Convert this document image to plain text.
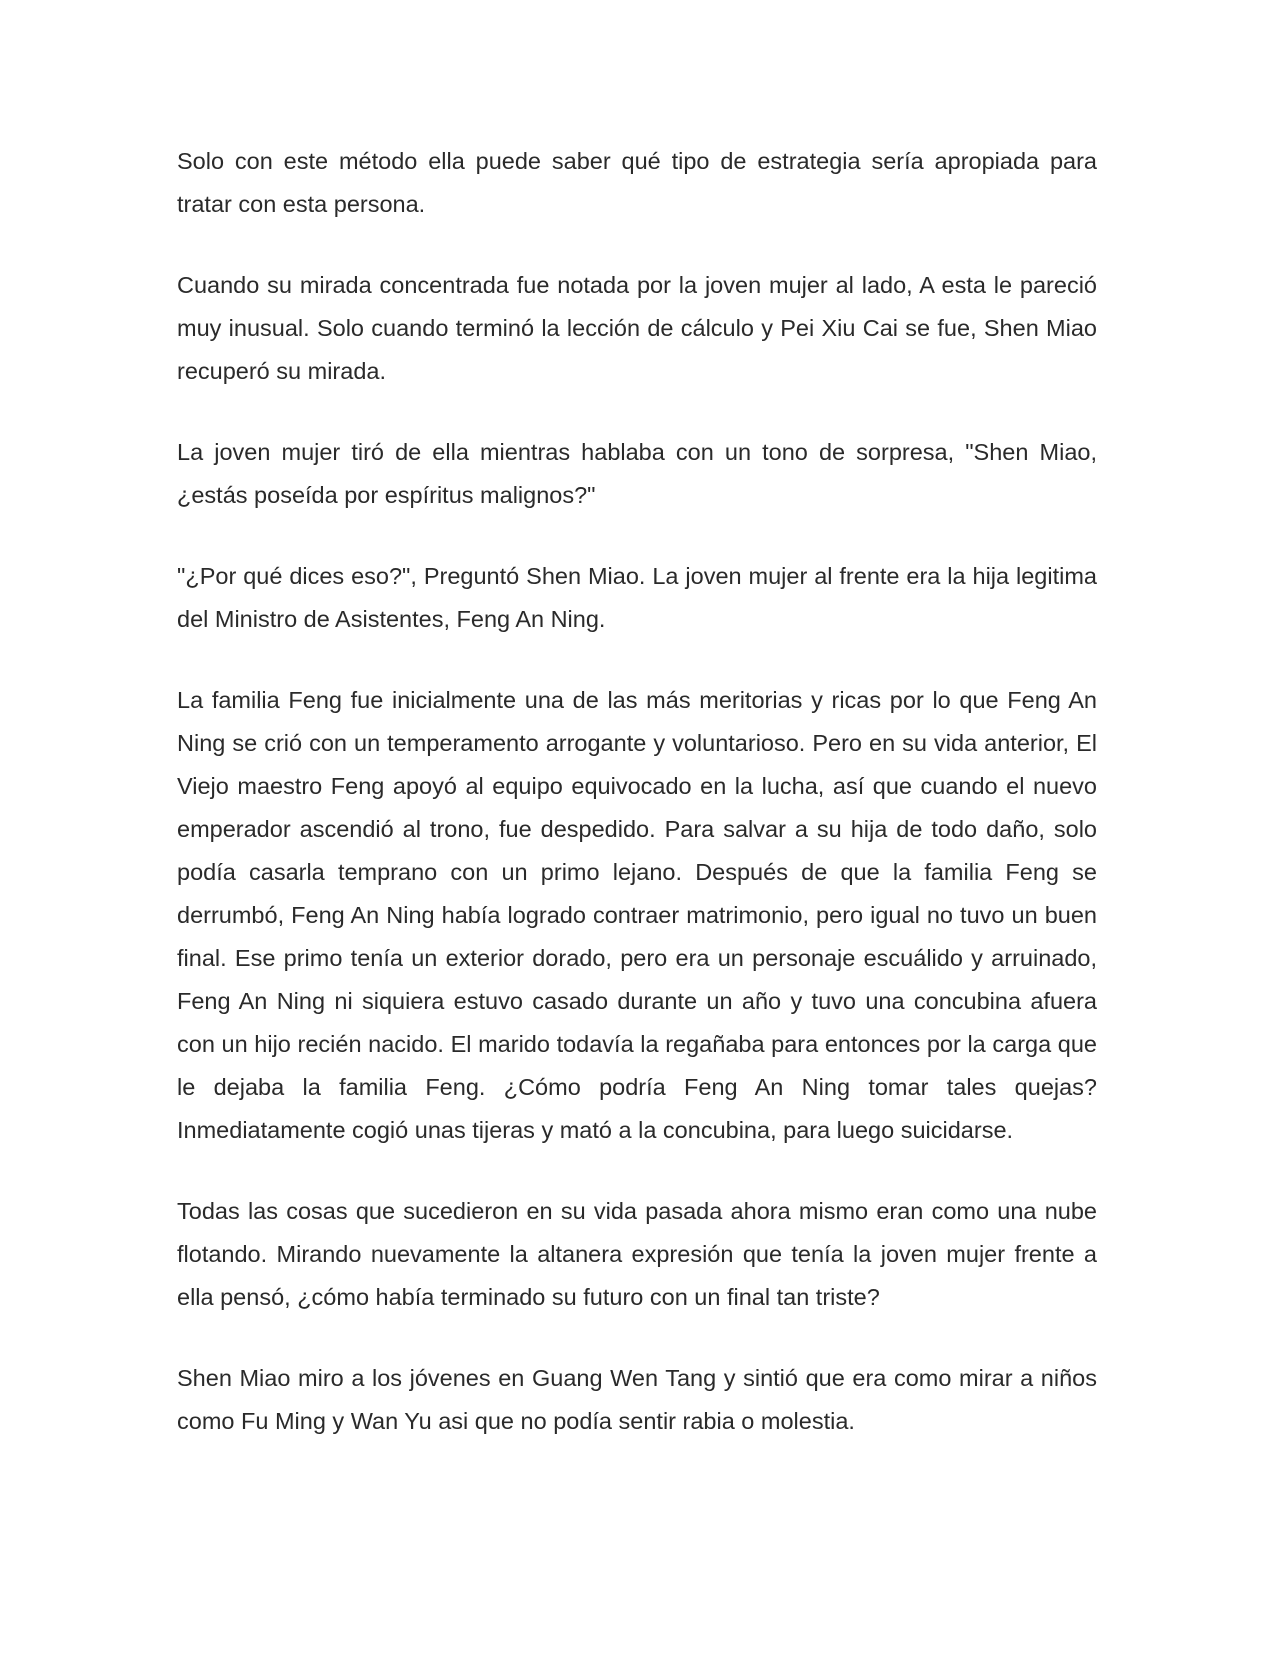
Solo con este método ella puede saber qué tipo de estrategia sería apropiada para tratar con esta persona.

Cuando su mirada concentrada fue notada por la joven mujer al lado, A esta le pareció muy inusual. Solo cuando terminó la lección de cálculo y Pei Xiu Cai se fue, Shen Miao recuperó su mirada.

La joven mujer tiró de ella mientras hablaba con un tono de sorpresa, "Shen Miao, ¿estás poseída por espíritus malignos?"

"¿Por qué dices eso?", Preguntó Shen Miao. La joven mujer al frente era la hija legitima del Ministro de Asistentes, Feng An Ning.

La familia Feng fue inicialmente una de las más meritorias y ricas por lo que Feng An Ning se crió con un temperamento arrogante y voluntarioso. Pero en su vida anterior, El Viejo maestro Feng apoyó al equipo equivocado en la lucha, así que cuando el nuevo emperador ascendió al trono, fue despedido. Para salvar a su hija de todo daño, solo podía casarla temprano con un primo lejano. Después de que la familia Feng se derrumbó, Feng An Ning había logrado contraer matrimonio, pero igual no tuvo un buen final. Ese primo tenía un exterior dorado, pero era un personaje escuálido y arruinado, Feng An Ning ni siquiera estuvo casado durante un año y tuvo una concubina afuera con un hijo recién nacido. El marido todavía la regañaba para entonces por la carga que le dejaba la familia Feng. ¿Cómo podría Feng An Ning tomar tales quejas? Inmediatamente cogió unas tijeras y mató a la concubina, para luego suicidarse.

Todas las cosas que sucedieron en su vida pasada ahora mismo eran como una nube flotando. Mirando nuevamente la altanera expresión que tenía la joven mujer frente a ella pensó, ¿cómo había terminado su futuro con un final tan triste?

Shen Miao miro a los jóvenes en Guang Wen Tang y sintió que era como mirar a niños como Fu Ming y Wan Yu asi que no podía sentir rabia o molestia.
